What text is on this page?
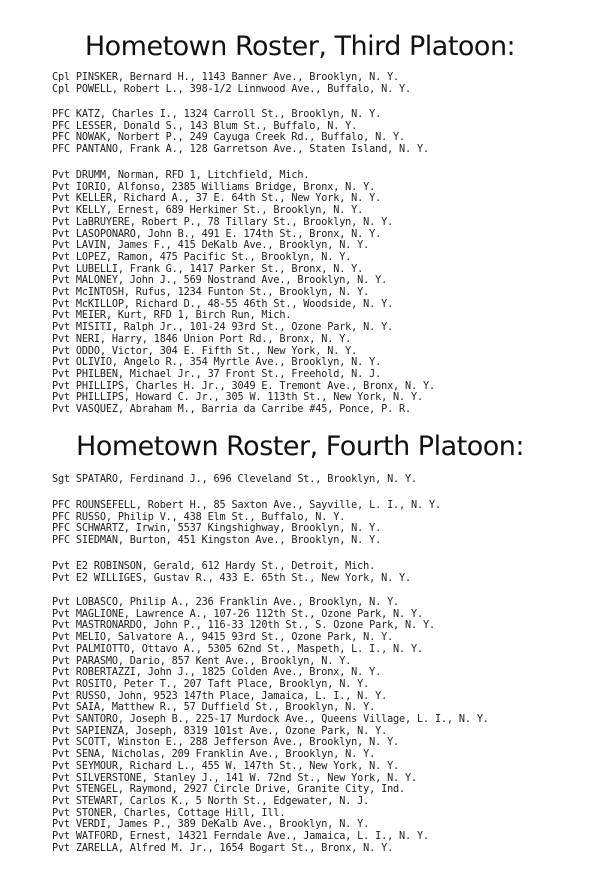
Hometown Roster, Third Platoon:
Cpl PINSKER, Bernard H., 1143 Banner Ave., Brooklyn, N. Y.
Cpl POWELL, Robert L., 398-1/2 Linnwood Ave., Buffalo, N. Y.
PFC KATZ, Charles I., 1324 Carroll St., Brooklyn, N. Y.
PFC LESSER, Donald S., 143 Blum St., Buffalo, N. Y.
PFC NOWAK, Norbert P., 249 Cayuga Creek Rd., Buffalo, N. Y.
PFC PANTANO, Frank A., 128 Garretson Ave., Staten Island, N. Y.
Pvt DRUMM, Norman, RFD 1, Litchfield, Mich.
Pvt IORIO, Alfonso, 2385 Williams Bridge, Bronx, N. Y.
Pvt KELLER, Richard A., 37 E. 64th St., New York, N. Y.
Pvt KELLY, Ernest, 689 Herkimer St., Brooklyn, N. Y.
Pvt LaBRUYERE, Robert P., 78 Tillary St., Brooklyn, N. Y.
Pvt LASOPONARO, John B., 491 E. 174th St., Bronx, N. Y.
Pvt LAVIN, James F., 415 DeKalb Ave., Brooklyn, N. Y.
Pvt LOPEZ, Ramon, 475 Pacific St., Brooklyn, N. Y.
Pvt LUBELLI, Frank G., 1417 Parker St., Bronx, N. Y.
Pvt MALONEY, John J., 569 Nostrand Ave., Brooklyn, N. Y.
Pvt McINTOSH, Rufus, 1234 Funton St., Brooklyn, N. Y.
Pvt McKILLOP, Richard D., 48-55 46th St., Woodside, N. Y.
Pvt MEIER, Kurt, RFD 1, Birch Run, Mich.
Pvt MISITI, Ralph Jr., 101-24 93rd St., Ozone Park, N. Y.
Pvt NERI, Harry, 1846 Union Port Rd., Bronx, N. Y.
Pvt ODDO, Victor, 304 E. Fifth St., New York, N. Y.
Pvt OLIVIO, Angelo R., 354 Myrtle Ave., Brooklyn, N. Y.
Pvt PHILBEN, Michael Jr., 37 Front St., Freehold, N. J.
Pvt PHILLIPS, Charles H. Jr., 3049 E. Tremont Ave., Bronx, N. Y.
Pvt PHILLIPS, Howard C. Jr., 305 W. 113th St., New York, N. Y.
Pvt VASQUEZ, Abraham M., Barria da Carribe #45, Ponce, P. R.
Hometown Roster, Fourth Platoon:
Sgt SPATARO, Ferdinand J., 696 Cleveland St., Brooklyn, N. Y.
PFC ROUNSEFELL, Robert H., 85 Saxton Ave., Sayville, L. I., N. Y.
PFC RUSSO, Philip V., 438 Elm St., Buffalo, N. Y.
PFC SCHWARTZ, Irwin, 5537 Kingshighway, Brooklyn, N. Y.
PFC SIEDMAN, Burton, 451 Kingston Ave., Brooklyn, N. Y.
Pvt E2 ROBINSON, Gerald, 612 Hardy St., Detroit, Mich.
Pvt E2 WILLIGES, Gustav R., 433 E. 65th St., New York, N. Y.
Pvt LOBASCO, Philip A., 236 Franklin Ave., Brooklyn, N. Y.
Pvt MAGLIONE, Lawrence A., 107-26 112th St., Ozone Park, N. Y.
Pvt MASTRONARDO, John P., 116-33 120th St., S. Ozone Park, N. Y.
Pvt MELIO, Salvatore A., 9415 93rd St., Ozone Park, N. Y.
Pvt PALMIOTTO, Ottavo A., 5305 62nd St., Maspeth, L. I., N. Y.
Pvt PARASMO, Dario, 857 Kent Ave., Brooklyn, N. Y.
Pvt ROBERTAZZI, John J., 1825 Colden Ave., Bronx, N. Y.
Pvt ROSITO, Peter T., 207 Taft Place, Brooklyn, N. Y.
Pvt RUSSO, John, 9523 147th Place, Jamaica, L. I., N. Y.
Pvt SAIA, Matthew R., 57 Duffield St., Brooklyn, N. Y.
Pvt SANTORO, Joseph B., 225-17 Murdock Ave., Queens Village, L. I., N. Y.
Pvt SAPIENZA, Joseph, 8319 101st Ave., Ozone Park, N. Y.
Pvt SCOTT, Winston E., 288 Jefferson Ave., Brooklyn, N. Y.
Pvt SENA, Nicholas, 209 Franklin Ave., Brooklyn, N. Y.
Pvt SEYMOUR, Richard L., 455 W. 147th St., New York, N. Y.
Pvt SILVERSTONE, Stanley J., 141 W. 72nd St., New York, N. Y.
Pvt STENGEL, Raymond, 2927 Circle Drive, Granite City, Ind.
Pvt STEWART, Carlos K., 5 North St., Edgewater, N. J.
Pvt STONER, Charles, Cottage Hill, Ill.
Pvt VERDI, James P., 389 DeKalb Ave., Brooklyn, N. Y.
Pvt WATFORD, Ernest, 14321 Ferndale Ave., Jamaica, L. I., N. Y.
Pvt ZARELLA, Alfred M. Jr., 1654 Bogart St., Bronx, N. Y.
